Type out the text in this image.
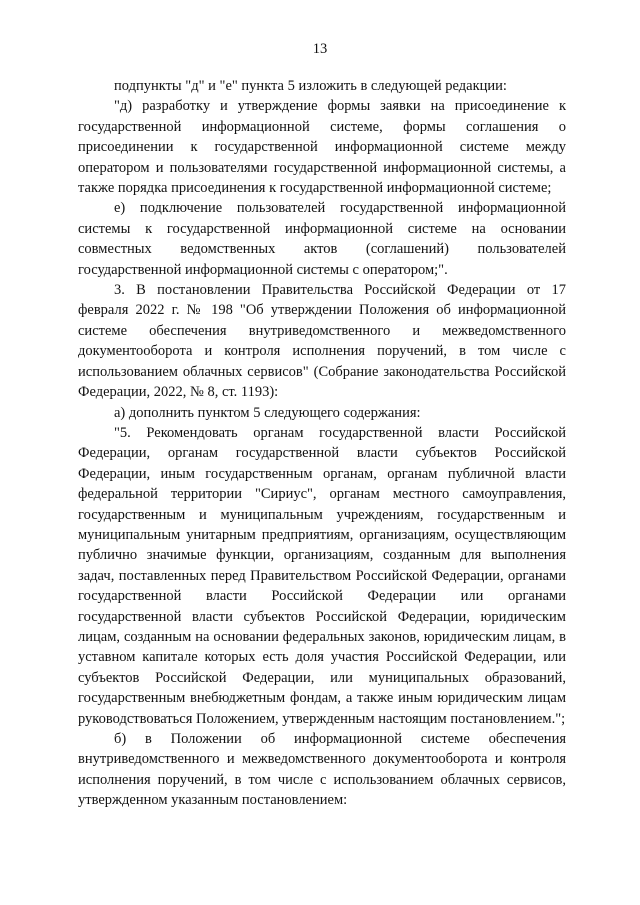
13

подпункты "д" и "е" пункта 5 изложить в следующей редакции:

"д) разработку и утверждение формы заявки на присоединение к государственной информационной системе, формы соглашения о присоединении к государственной информационной системе между оператором и пользователями государственной информационной системы, а также порядка присоединения к государственной информационной системе;

е) подключение пользователей государственной информационной системы к государственной информационной системе на основании совместных ведомственных актов (соглашений) пользователей государственной информационной системы с оператором;".

3. В постановлении Правительства Российской Федерации от 17 февраля 2022 г. № 198 "Об утверждении Положения об информационной системе обеспечения внутриведомственного и межведомственного документооборота и контроля исполнения поручений, в том числе с использованием облачных сервисов" (Собрание законодательства Российской Федерации, 2022, № 8, ст. 1193):

а) дополнить пунктом 5 следующего содержания:

"5. Рекомендовать органам государственной власти Российской Федерации, органам государственной власти субъектов Российской Федерации, иным государственным органам, органам публичной власти федеральной территории "Сириус", органам местного самоуправления, государственным и муниципальным учреждениям, государственным и муниципальным унитарным предприятиям, организациям, осуществляющим публично значимые функции, организациям, созданным для выполнения задач, поставленных перед Правительством Российской Федерации, органами государственной власти Российской Федерации или органами государственной власти субъектов Российской Федерации, юридическим лицам, созданным на основании федеральных законов, юридическим лицам, в уставном капитале которых есть доля участия Российской Федерации, или субъектов Российской Федерации, или муниципальных образований, государственным внебюджетным фондам, а также иным юридическим лицам руководствоваться Положением, утвержденным настоящим постановлением.";

б) в Положении об информационной системе обеспечения внутриведомственного и межведомственного документооборота и контроля исполнения поручений, в том числе с использованием облачных сервисов, утвержденном указанным постановлением:
